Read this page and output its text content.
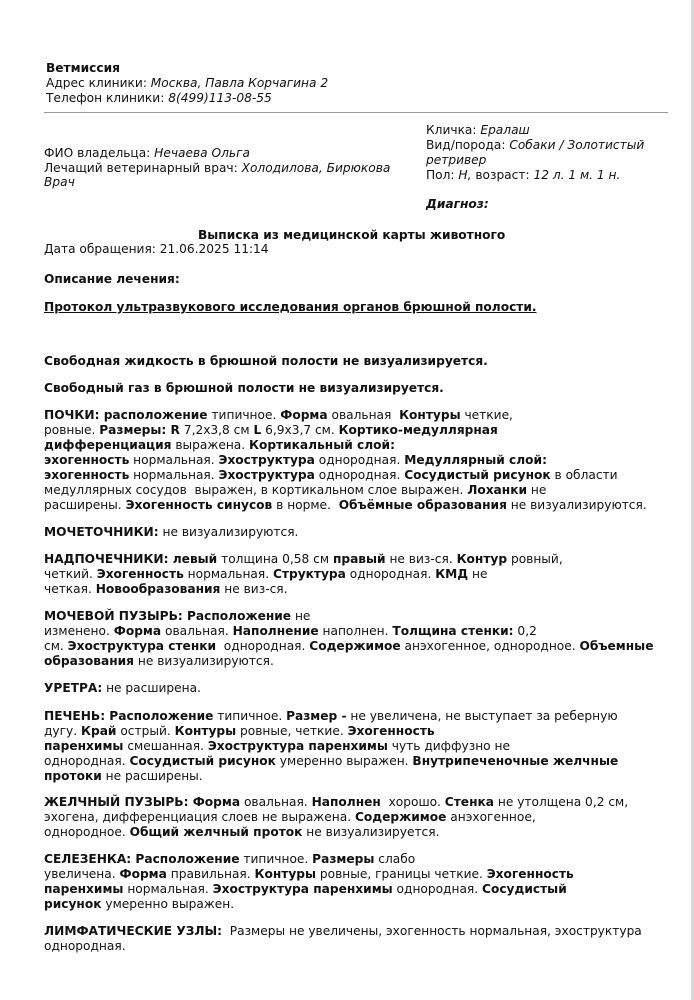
Ветмиссия
Адрес клиники: Москва, Павла Корчагина 2
Телефон клиники: 8(499)113-08-55
ФИО владельца: Нечаева Ольга
Лечащий ветеринарный врач: Холодилова, Бирюкова
Врач
Кличка: Ералаш
Вид/порода: Собаки / Золотистый
ретривер
Пол: Н, возраст: 12 л. 1 м. 1 н.
Диагноз:
Выписка из медицинской карты животного
Дата обращения: 21.06.2025 11:14
Описание лечения:
Протокол ультразвукового исследования органов брюшной полости.
Свободная жидкость в брюшной полости не визуализируется.
Свободный газ в брюшной полости не визуализируется.
ПОЧКИ: расположение типичное. Форма овальная  Контуры четкие,
ровные. Размеры: R 7,2х3,8 см L 6,9х3,7 см. Кортико-медуллярная
дифференциация выражена. Кортикальный слой:
эхогенность нормальная. Эхоструктура однородная. Медуллярный слой:
эхогенность нормальная. Эхоструктура однородная. Сосудистый рисунок в области
медуллярных сосудов  выражен, в кортикальном слое выражен. Лоханки не
расширены. Эхогенность синусов в норме.  Объёмные образования не визуализируются.
МОЧЕТОЧНИКИ: не визуализируются.
НАДПОЧЕЧНИКИ: левый толщина 0,58 см правый не виз-ся. Контур ровный,
четкий. Эхогенность нормальная. Структура однородная. КМД не
четкая. Новообразования не виз-ся.
МОЧЕВОЙ ПУЗЫРЬ: Расположение не
изменено. Форма овальная. Наполнение наполнен. Толщина стенки: 0,2
см. Эхоструктура стенки  однородная. Содержимое анэхогенное, однородное. Объемные
образования не визуализируются.
УРЕТРА: не расширена.
ПЕЧЕНЬ: Расположение типичное. Размер - не увеличена, не выступает за реберную
дугу. Край острый. Контуры ровные, четкие. Эхогенность
паренхимы смешанная. Эхоструктура паренхимы чуть диффузно не
однородная. Сосудистый рисунок умеренно выражен. Внутрипеченочные желчные
протоки не расширены.
ЖЕЛЧНЫЙ ПУЗЫРЬ: Форма овальная. Наполнен  хорошо. Стенка не утолщена 0,2 см,
эхогена, дифференциация слоев не выражена. Содержимое анэхогенное,
однородное. Общий желчный проток не визуализируется.
СЕЛЕЗЕНКА: Расположение типичное. Размеры слабо
увеличена. Форма правильная. Контуры ровные, границы четкие. Эхогенность
паренхимы нормальная. Эхоструктура паренхимы однородная. Сосудистый
рисунок умеренно выражен.
ЛИМФАТИЧЕСКИЕ УЗЛЫ:  Размеры не увеличены, эхогенность нормальная, эхоструктура
однородная.
